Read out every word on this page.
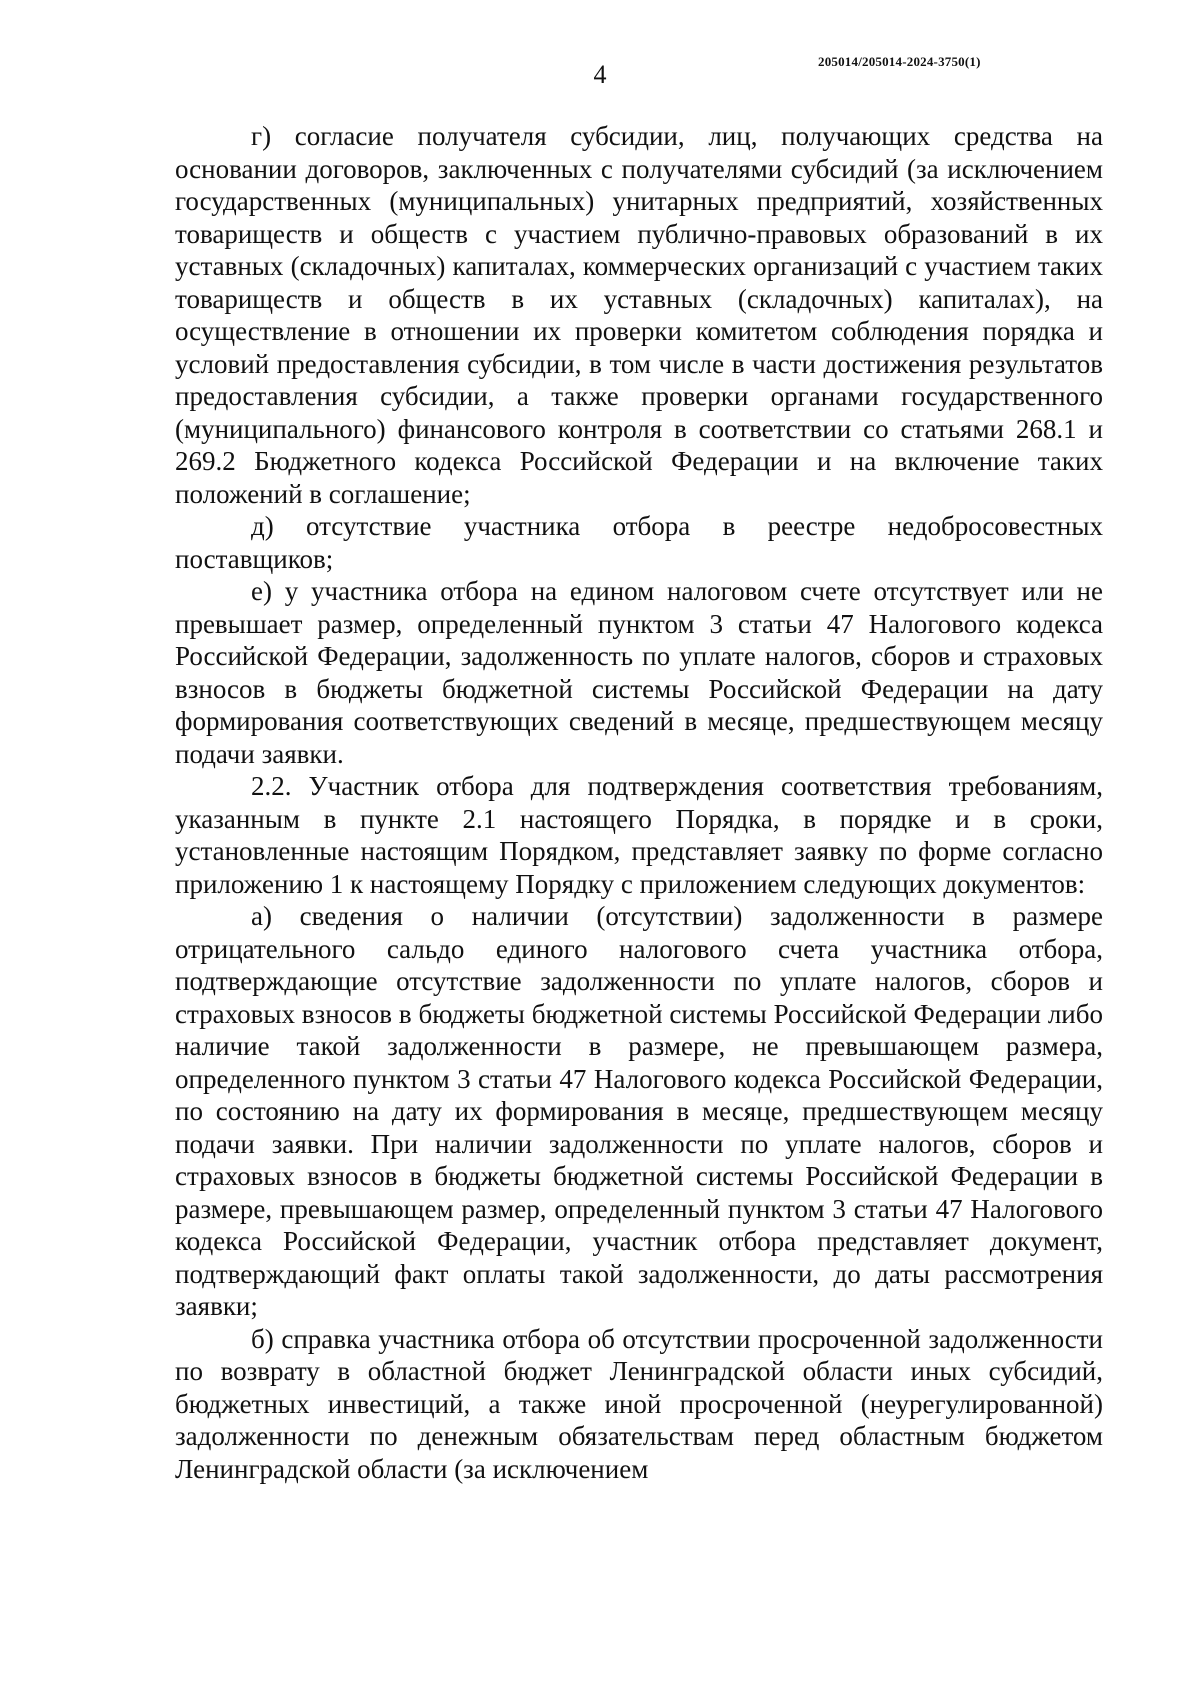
4	205014/205014-2024-3750(1)

г) согласие получателя субсидии, лиц, получающих средства на основании договоров, заключенных с получателями субсидий (за исключением государственных (муниципальных) унитарных предприятий, хозяйственных товариществ и обществ с участием публично-правовых образований в их уставных (складочных) капиталах, коммерческих организаций с участием таких товариществ и обществ в их уставных (складочных) капиталах), на осуществление в отношении их проверки комитетом соблюдения порядка и условий предоставления субсидии, в том числе в части достижения результатов предоставления субсидии, а также проверки органами государственного (муниципального) финансового контроля в соответствии со статьями 268.1 и 269.2 Бюджетного кодекса Российской Федерации и на включение таких положений в соглашение;

д) отсутствие участника отбора в реестре недобросовестных поставщиков;

е) у участника отбора на едином налоговом счете отсутствует или не превышает размер, определенный пунктом 3 статьи 47 Налогового кодекса Российской Федерации, задолженность по уплате налогов, сборов и страховых взносов в бюджеты бюджетной системы Российской Федерации на дату формирования соответствующих сведений в месяце, предшествующем месяцу подачи заявки.

2.2. Участник отбора для подтверждения соответствия требованиям, указанным в пункте 2.1 настоящего Порядка, в порядке и в сроки, установленные настоящим Порядком, представляет заявку по форме согласно приложению 1 к настоящему Порядку с приложением следующих документов:

а) сведения о наличии (отсутствии) задолженности в размере отрицательного сальдо единого налогового счета участника отбора, подтверждающие отсутствие задолженности по уплате налогов, сборов и страховых взносов в бюджеты бюджетной системы Российской Федерации либо наличие такой задолженности в размере, не превышающем размера, определенного пунктом 3 статьи 47 Налогового кодекса Российской Федерации, по состоянию на дату их формирования в месяце, предшествующем месяцу подачи заявки. При наличии задолженности по уплате налогов, сборов и страховых взносов в бюджеты бюджетной системы Российской Федерации в размере, превышающем размер, определенный пунктом 3 статьи 47 Налогового кодекса Российской Федерации, участник отбора представляет документ, подтверждающий факт оплаты такой задолженности, до даты рассмотрения заявки;

б) справка участника отбора об отсутствии просроченной задолженности по возврату в областной бюджет Ленинградской области иных субсидий, бюджетных инвестиций, а также иной просроченной (неурегулированной) задолженности по денежным обязательствам перед областным бюджетом Ленинградской области (за исключением
